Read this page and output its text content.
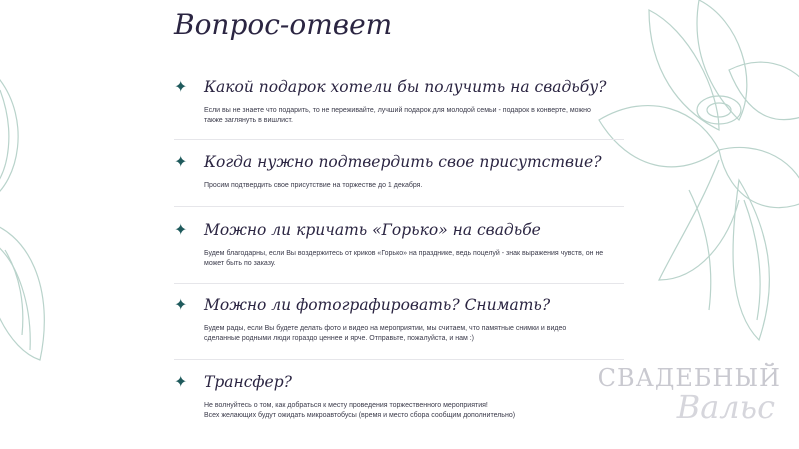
Вопрос-ответ
✦ Какой подарок хотели бы получить на свадьбу?

Если вы не знаете что подарить, то не переживайте, лучший подарок для молодой семьи - подарок в конверте, можно также заглянуть в вишлист.

✦ Когда нужно подтвердить свое присутствие?

Просим подтвердить свое присутствие на торжестве до 1 декабря.

✦ Можно ли кричать «Горько» на свадьбе

Будем благодарны, если Вы воздержитесь от криков «Горько» на празднике, ведь поцелуй - знак выражения чувств, он не может быть по заказу.

✦ Можно ли фотографировать? Снимать?

Будем рады, если Вы будете делать фото и видео на мероприятии, мы считаем, что памятные снимки и видео сделанные родными люди гораздо ценнее и ярче. Отправьте, пожалуйста, и нам :)

✦ Трансфер?

Не волнуйтесь о том, как добраться к месту проведения торжественного мероприятия!
Всех желающих будут ожидать микроавтобусы (время и место сбора сообщим дополнительно)

СВАДЕБНЫЙ
Вальс
